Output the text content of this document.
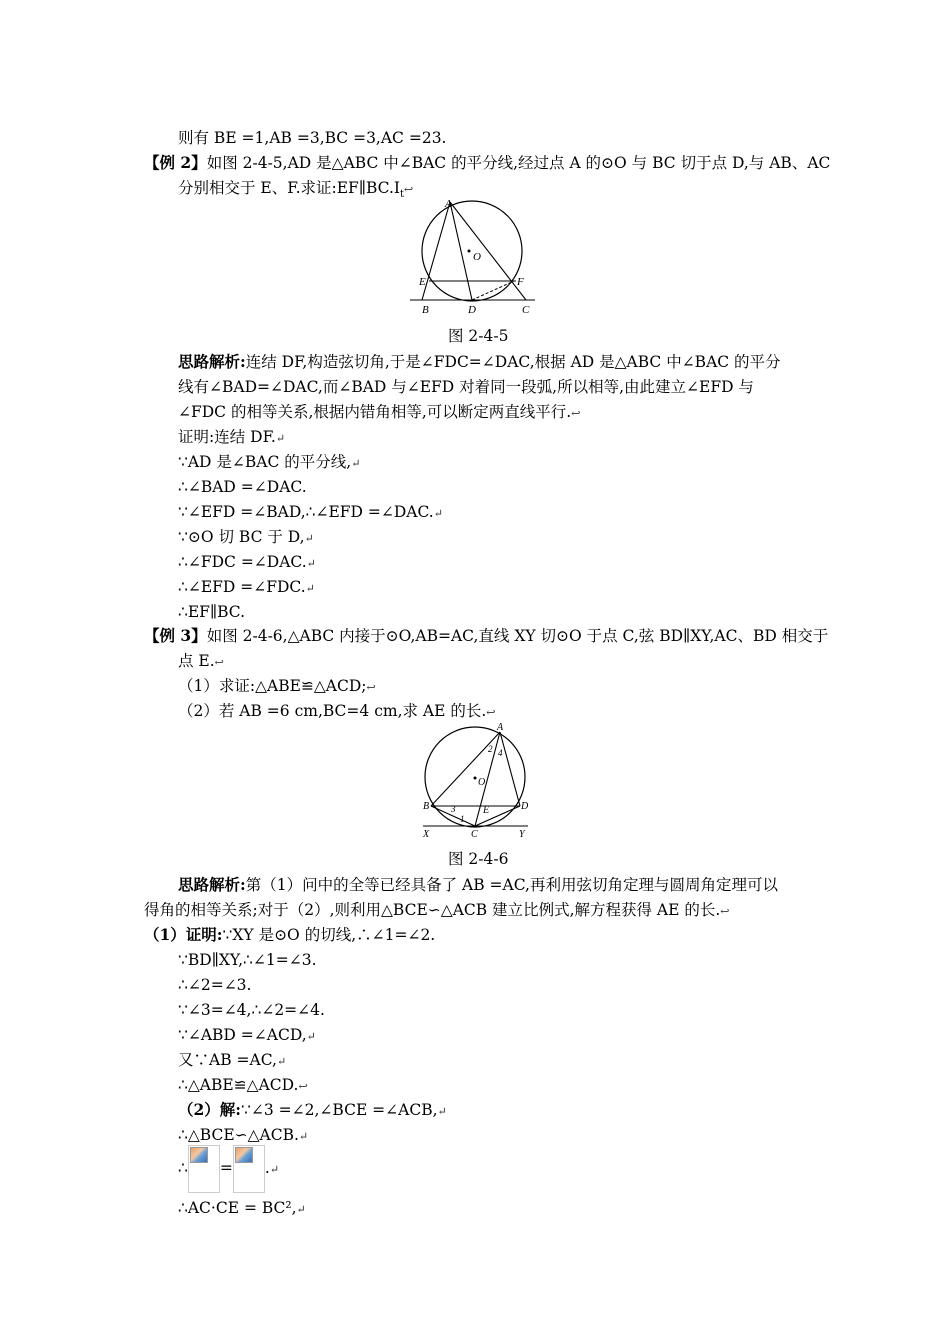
则有 BE =1,AB =3,BC =3,AC =23.
【例 2】如图 2-4-5,AD 是△ABC 中∠BAC 的平分线,经过点 A 的⊙O 与 BC 切于点 D,与 AB、AC
分别相交于 E、F.求证$:EF\parallel BC.I_t↩$
A
O
E	F
B	D	C
图 2-4-5
思路解析:连结 DF,构造弦切角,于是∠FDC=∠DAC,根据 AD 是△ABC 中∠BAC 的平分
线有∠BAD=∠DAC,而∠BAD 与∠EFD 对着同一段弧,所以相等,由此建立∠EFD 与
∠FDC 的相等关系,根据内错角相等,可以断定两直线平行.↩
证明:连结 DF.↵
∵AD 是∠BAC 的平分线,↵
∴∠BAD =∠DAC.
∵∠EFD =∠BAD,∴∠EFD =∠DAC.↵
∵⊙O 切 BC 于 D,↵
∴∠FDC =∠DAC.↵
∴∠EFD =∠FDC.↵
∴EF∥BC.
【例 3】如图 2-4-6,△ABC 内接于⊙O,AB=AC,直线 XY 切⊙O 于点 C,弦 BD∥XY,AC、BD 相交于
点 E.↩
（1）求证:△ABE≌△ACD;↩
（2）若 AB =6 cm,BC=4 cm,求 AE 的长.↩
A
2 4
O
B	D
3
1
E
X	C	Y
图 2-4-6
思路解析:第（1）问中的全等已经具备了 AB =AC,再利用弦切角定理与圆周角定理可以
得角的相等关系;对于（2）,则利用△BCE∽△ACB 建立比例式,解方程获得 AE 的长.↩
（1）证明:∵XY 是⊙O 的切线,∴∠1=∠2.
∵BD∥XY,∴∠1=∠3.
∴∠2=∠3.
∵∠3=∠4,∴∠2=∠4.
∵∠ABD =∠ACD,↵
又∵AB =AC,↵
∴△ABE≌△ACD.↩
（2）解:∵∠3 =∠2,∠BCE =∠ACB,↵
∴△BCE∽△ACB.↵
∴ = .↵
∴AC·CE = BC²,↵
